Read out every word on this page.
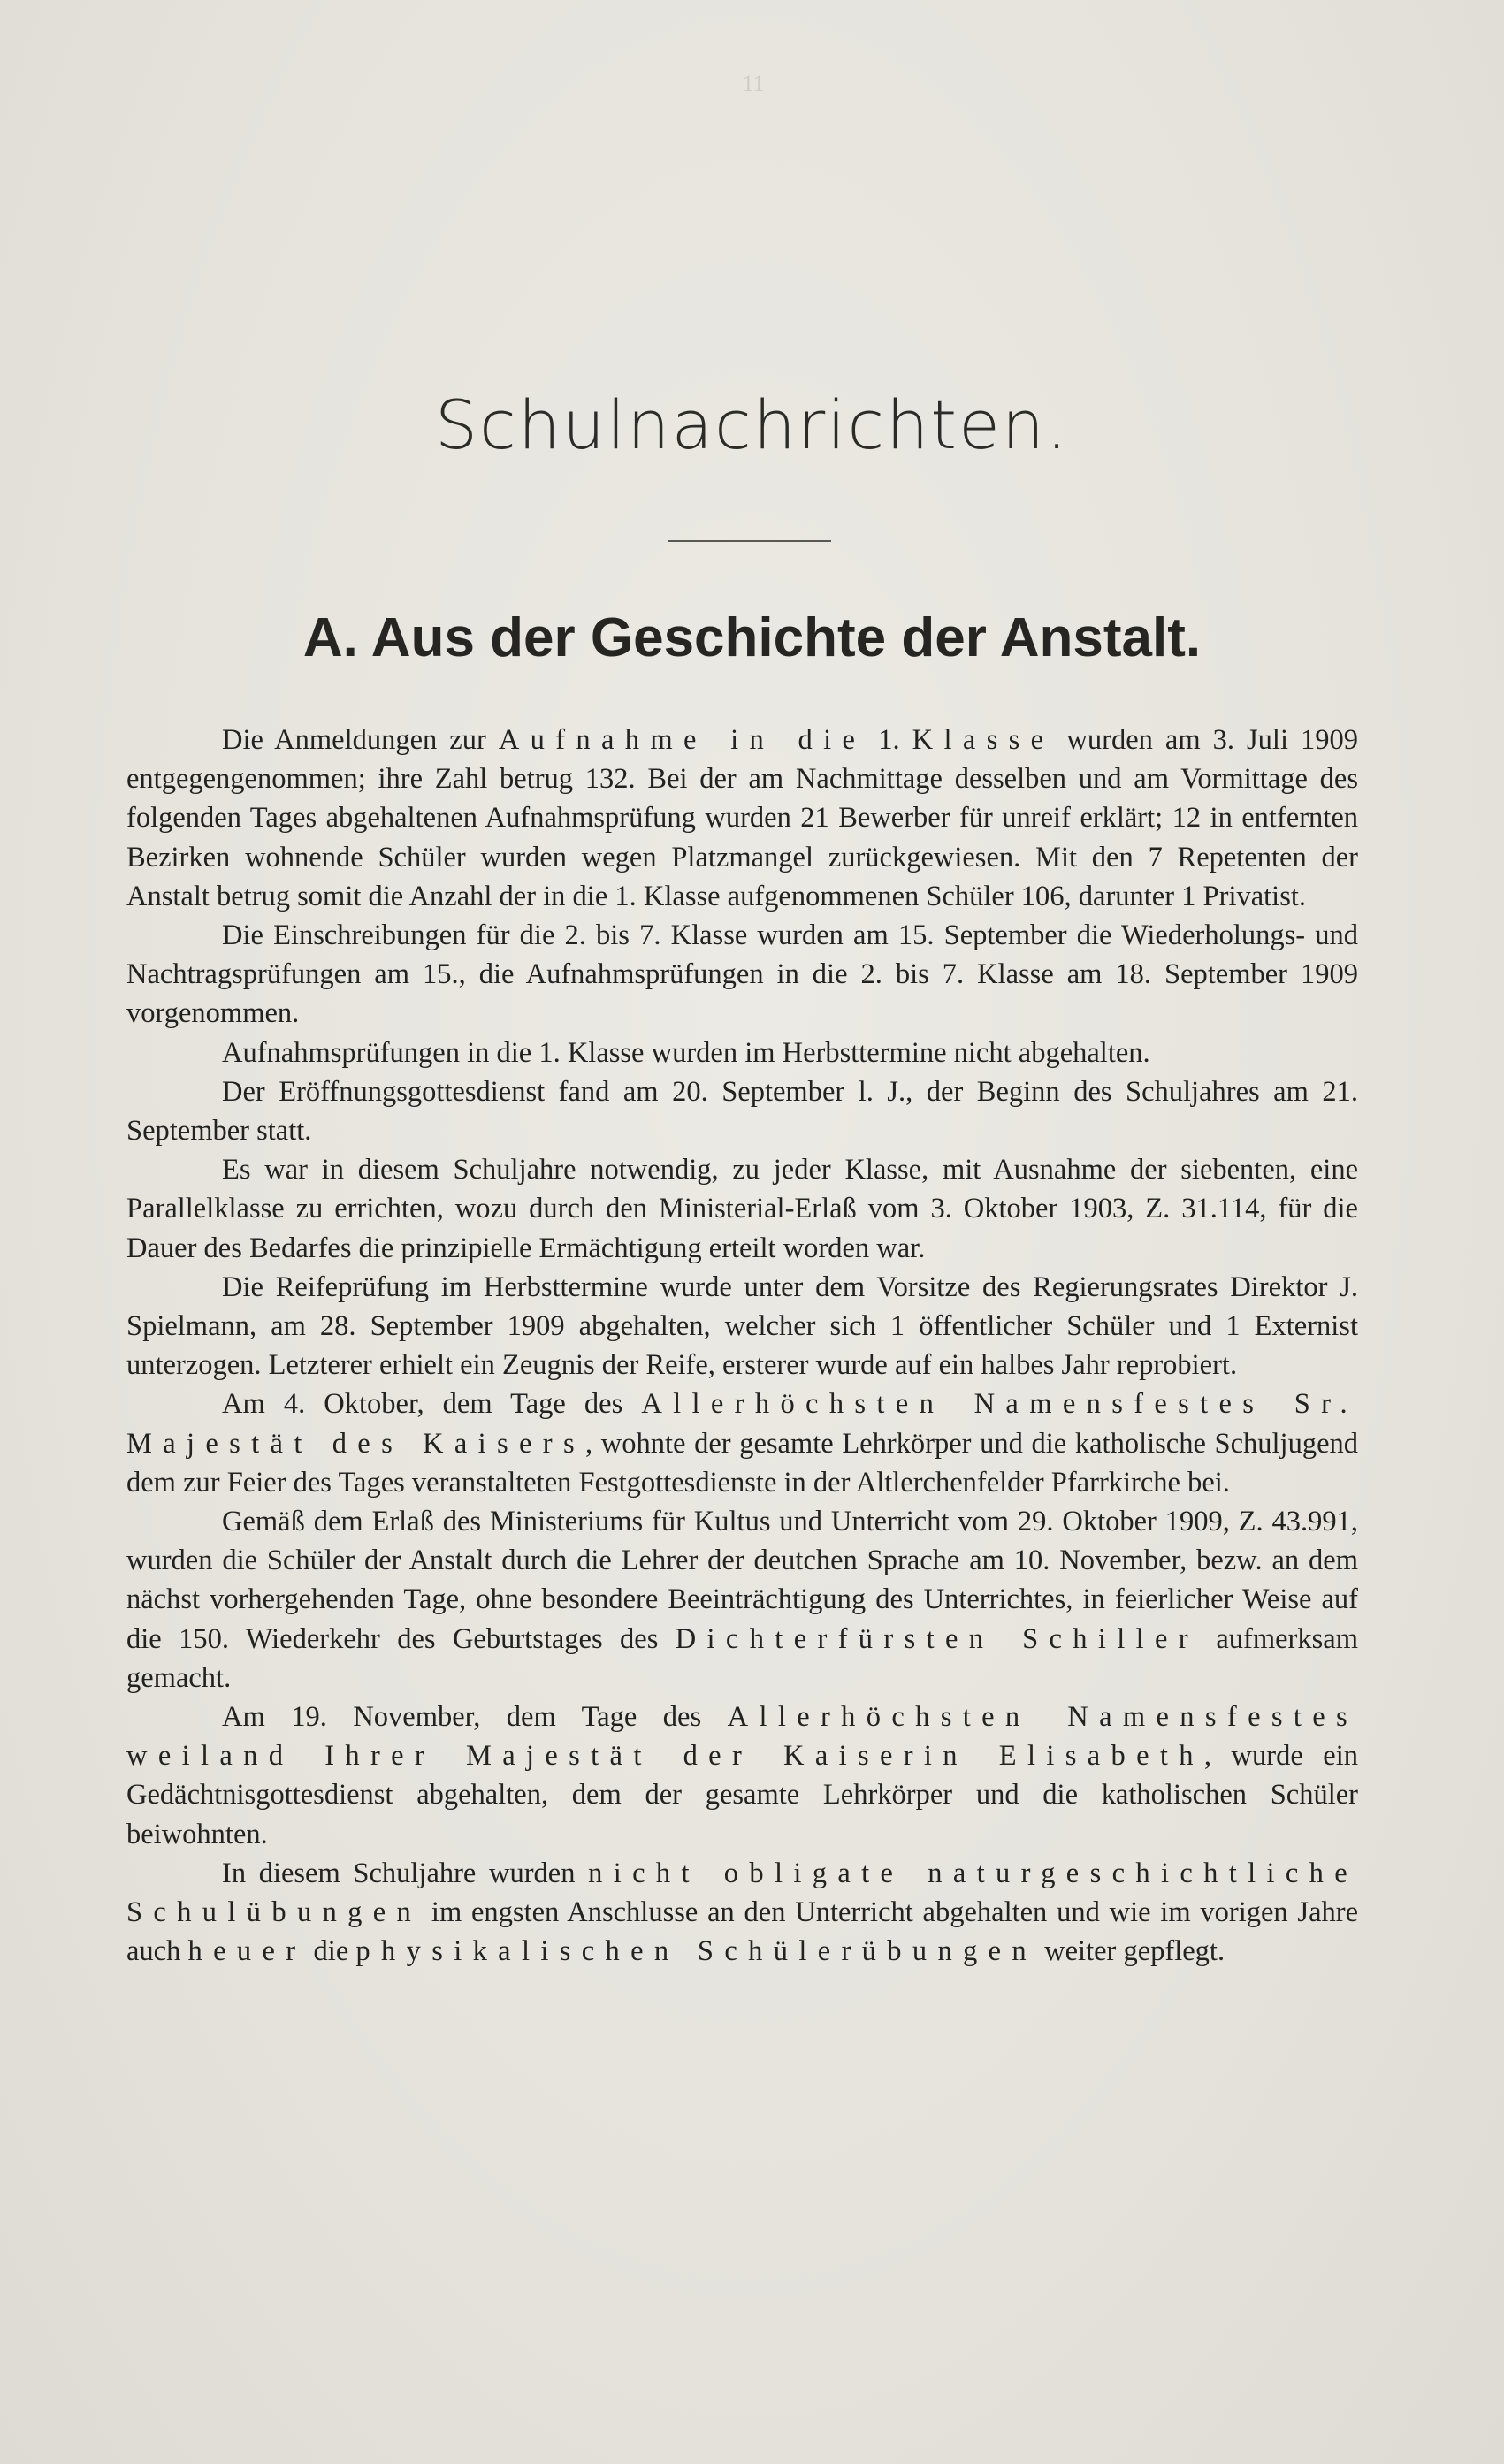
11
Schulnachrichten.
A. Aus der Geschichte der Anstalt.

Die Anmeldungen zur Aufnahme in die 1. Klasse wurden am 3. Juli 1909 entgegengenommen; ihre Zahl betrug 132. Bei der am Nachmittage desselben und am Vormittage des folgenden Tages abgehaltenen Aufnahmsprüfung wurden 21 Bewerber für unreif erklärt; 12 in entfernten Bezirken wohnende Schüler wurden wegen Platzmangel zurückgewiesen. Mit den 7 Repetenten der Anstalt betrug somit die Anzahl der in die 1. Klasse aufgenommenen Schüler 106, darunter 1 Privatist.

Die Einschreibungen für die 2. bis 7. Klasse wurden am 15. September die Wiederholungs- und Nachtragsprüfungen am 15., die Aufnahmsprüfungen in die 2. bis 7. Klasse am 18. September 1909 vorgenommen.

Aufnahmsprüfungen in die 1. Klasse wurden im Herbsttermine nicht abgehalten.

Der Eröffnungsgottesdienst fand am 20. September l. J., der Beginn des Schuljahres am 21. September statt.

Es war in diesem Schuljahre notwendig, zu jeder Klasse, mit Ausnahme der siebenten, eine Parallelklasse zu errichten, wozu durch den Ministerial-Erlaß vom 3. Oktober 1903, Z. 31.114, für die Dauer des Bedarfes die prinzipielle Ermächtigung erteilt worden war.

Die Reifeprüfung im Herbsttermine wurde unter dem Vorsitze des Regierungsrates Direktor J. Spielmann, am 28. September 1909 abgehalten, welcher sich 1 öffentlicher Schüler und 1 Externist unterzogen. Letzterer erhielt ein Zeugnis der Reife, ersterer wurde auf ein halbes Jahr reprobiert.

Am 4. Oktober, dem Tage des Allerhöchsten Namensfestes Sr. Majestät des Kaisers, wohnte der gesamte Lehrkörper und die katholische Schuljugend dem zur Feier des Tages veranstalteten Festgottesdienste in der Altlerchenfelder Pfarrkirche bei.

Gemäß dem Erlaß des Ministeriums für Kultus und Unterricht vom 29. Oktober 1909, Z. 43.991, wurden die Schüler der Anstalt durch die Lehrer der deutchen Sprache am 10. November, bezw. an dem nächst vorhergehenden Tage, ohne besondere Beeinträchtigung des Unterrichtes, in feierlicher Weise auf die 150. Wiederkehr des Geburtstages des Dichterfürsten Schiller aufmerksam gemacht.

Am 19. November, dem Tage des Allerhöchsten Namensfestes weiland Ihrer Majestät der Kaiserin Elisabeth, wurde ein Gedächtnisgottesdienst abgehalten, dem der gesamte Lehrkörper und die katholischen Schüler beiwohnten.

In diesem Schuljahre wurden nicht obligate naturgeschichtliche Schulübungen im engsten Anschlusse an den Unterricht abgehalten und wie im vorigen Jahre auch heuer die physikalischen Schülerübungen weiter gepflegt.
